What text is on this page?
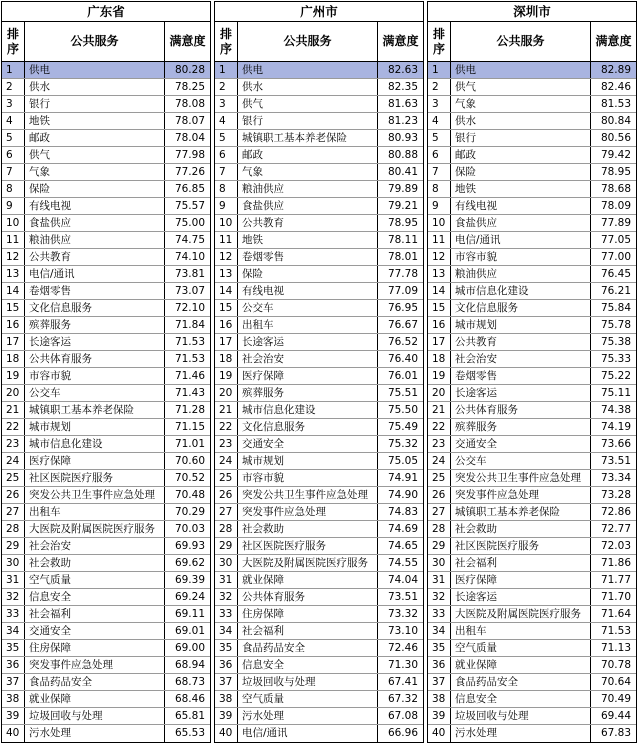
广东省
排序
公共服务	满意度
1	供电	80.28
2	供水	78.25
3	银行	78.08
4	地铁	78.07
5	邮政	78.04
6	供气	77.98
7	气象	77.26
8	保险	76.85
9	有线电视	75.57
10 食盐供应	75.00
11 粮油供应	74.75
12 公共教育	74.10
13 电信/通讯	73.81
14 卷烟零售	73.07
15 文化信息服务	72.10
16 殡葬服务	71.84
17 长途客运	71.53
18 公共体育服务	71.53
19 市容市貌	71.46
20 公交车	71.43
21 城镇职工基本养老保险	71.28
22 城市规划	71.15
23 城市信息化建设	71.01
24 医疗保障	70.60
25 社区医院医疗服务	70.52
26 突发公共卫生事件应急处理	70.48
27 出租车	70.29
28 大医院及附属医院医疗服务	70.03
29 社会治安	69.93
30 社会救助	69.62
31 空气质量	69.39
32 信息安全	69.24
33 社会福利	69.11
34 交通安全	69.01
35 住房保障	69.00
36 突发事件应急处理	68.94
37 食品药品安全	68.73
38 就业保障	68.46
39 垃圾回收与处理	65.81
40 污水处理	65.53
广州市
排序
公共服务	满意度
1	供电	82.63
2	供水	82.35
3	供气	81.63
4	银行	81.23
5	城镇职工基本养老保险	80.93
6	邮政	80.88
7	气象	80.41
8	粮油供应	79.89
9	食盐供应	79.21
10 公共教育	78.95
11 地铁	78.11
12 卷烟零售	78.01
13 保险	77.78
14 有线电视	77.09
15 公交车	76.95
16 出租车	76.67
17 长途客运	76.52
18 社会治安	76.40
19 医疗保障	76.01
20 殡葬服务	75.51
21 城市信息化建设	75.50
22 文化信息服务	75.49
23 交通安全	75.32
24 城市规划	75.05
25 市容市貌	74.91
26 突发公共卫生事件应急处理	74.90
27 突发事件应急处理	74.83
28 社会救助	74.69
29 社区医院医疗服务	74.65
30 大医院及附属医院医疗服务	74.55
31 就业保障	74.04
32 公共体育服务	73.51
33 住房保障	73.32
34 社会福利	73.10
35 食品药品安全	72.46
36 信息安全	71.30
37 垃圾回收与处理	67.41
38 空气质量	67.32
39 污水处理	67.08
40 电信/通讯	66.96
深圳市
排序
公共服务	满意度
1	供电	82.89
2	供气	82.46
3	气象	81.53
4	供水	80.84
5	银行	80.56
6	邮政	79.42
7	保险	78.95
8	地铁	78.68
9	有线电视	78.09
10 食盐供应	77.89
11 电信/通讯	77.05
12 市容市貌	77.00
13 粮油供应	76.45
14 城市信息化建设	76.21
15 文化信息服务	75.84
16 城市规划	75.78
17 公共教育	75.38
18 社会治安	75.33
19 卷烟零售	75.22
20 长途客运	75.11
21 公共体育服务	74.38
22 殡葬服务	74.19
23 交通安全	73.66
24 公交车	73.51
25 突发公共卫生事件应急处理	73.34
26 突发事件应急处理	73.28
27 城镇职工基本养老保险	72.86
28 社会救助	72.77
29 社区医院医疗服务	72.03
30 社会福利	71.86
31 医疗保障	71.77
32 长途客运	71.70
33 大医院及附属医院医疗服务	71.64
34 出租车	71.53
35 空气质量	71.13
36 就业保障	70.78
37 食品药品安全	70.64
38 信息安全	70.49
39 垃圾回收与处理	69.44
40 污水处理	67.83
